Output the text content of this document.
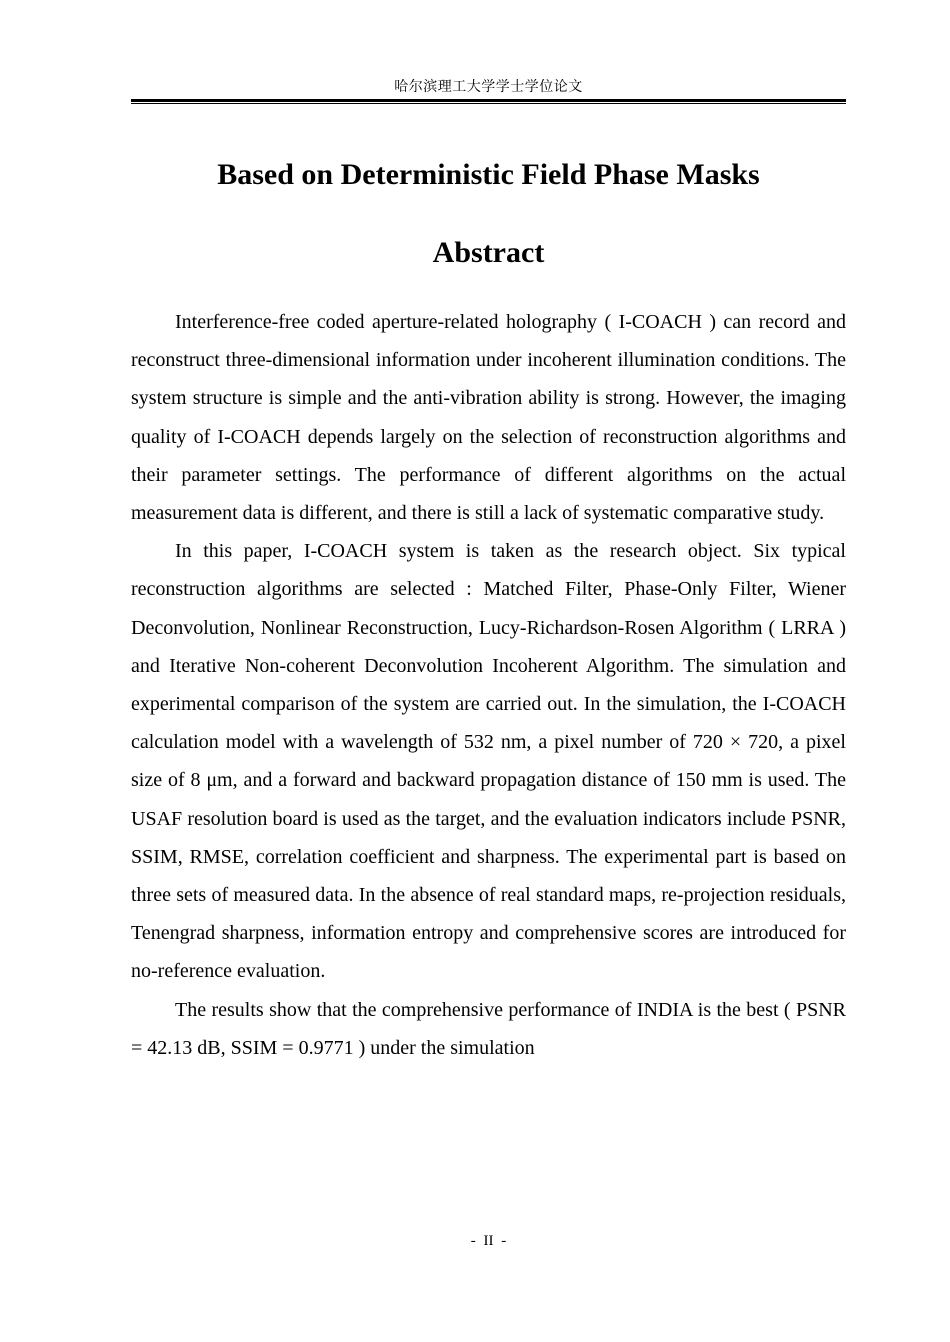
哈尔滨理工大学学士学位论文
Based on Deterministic Field Phase Masks
Abstract

Interference-free coded aperture-related holography ( I-COACH ) can record and reconstruct three-dimensional information under incoherent illumination conditions. The system structure is simple and the anti-vibration ability is strong. However, the imaging quality of I-COACH depends largely on the selection of reconstruction algorithms and their parameter settings. The performance of different algorithms on the actual measurement data is different, and there is still a lack of systematic comparative study.

In this paper, I-COACH system is taken as the research object. Six typical reconstruction algorithms are selected : Matched Filter, Phase-Only Filter, Wiener Deconvolution, Nonlinear Reconstruction, Lucy-Richardson-Rosen Algorithm ( LRRA ) and Iterative Non-coherent Deconvolution Incoherent Algorithm. The simulation and experimental comparison of the system are carried out. In the simulation, the I-COACH calculation model with a wavelength of 532 nm, a pixel number of 720 × 720, a pixel size of 8 μm, and a forward and backward propagation distance of 150 mm is used. The USAF resolution board is used as the target, and the evaluation indicators include PSNR, SSIM, RMSE, correlation coefficient and sharpness. The experimental part is based on three sets of measured data. In the absence of real standard maps, re-projection residuals, Tenengrad sharpness, information entropy and comprehensive scores are introduced for no-reference evaluation.

The results show that the comprehensive performance of INDIA is the best ( PSNR = 42.13 dB, SSIM = 0.9771 ) under the simulation

- II -
